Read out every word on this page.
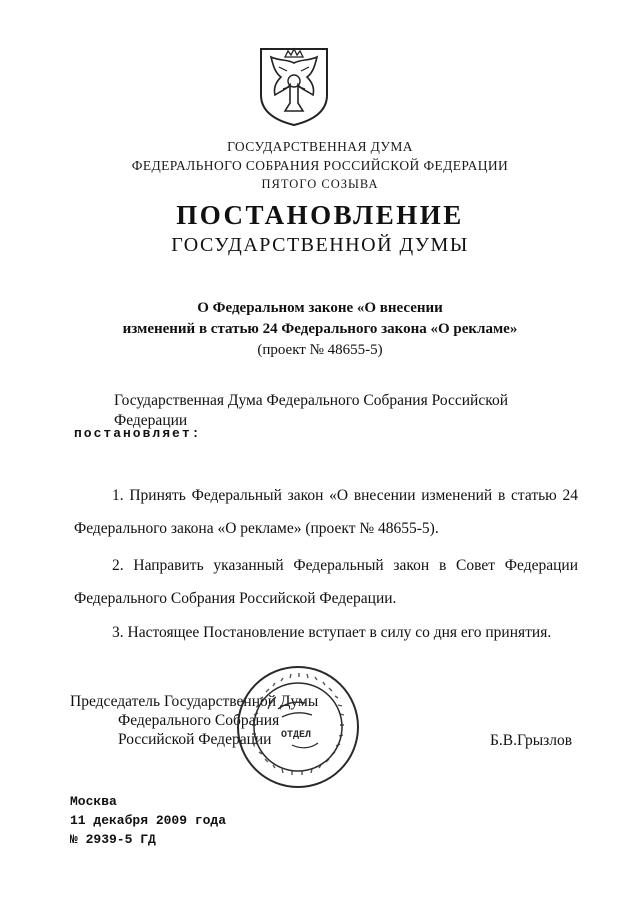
ГОСУДАРСТВЕННАЯ ДУМА
ФЕДЕРАЛЬНОГО СОБРАНИЯ РОССИЙСКОЙ ФЕДЕРАЦИИ
ПЯТОГО СОЗЫВА
ПОСТАНОВЛЕНИЕ
ГОСУДАРСТВЕННОЙ ДУМЫ
О Федеральном законе «О внесении
изменений в статью 24 Федерального закона «О рекламе»
(проект № 48655-5)
Государственная Дума Федерального Собрания Российской Федерации
постановляет:
1. Принять Федеральный закон «О внесении изменений в статью 24
Федерального закона «О рекламе» (проект № 48655-5).
2. Направить указанный Федеральный закон в Совет Федерации
Федерального Собрания Российской Федерации.
3. Настоящее Постановление вступает в силу со дня его принятия.
Председатель Государственной Думы
Федерального Собрания
Российской Федерации	Б.В.Грызлов
ОТДЕЛ
Москва
11 декабря 2009 года
№ 2939-5 ГД
